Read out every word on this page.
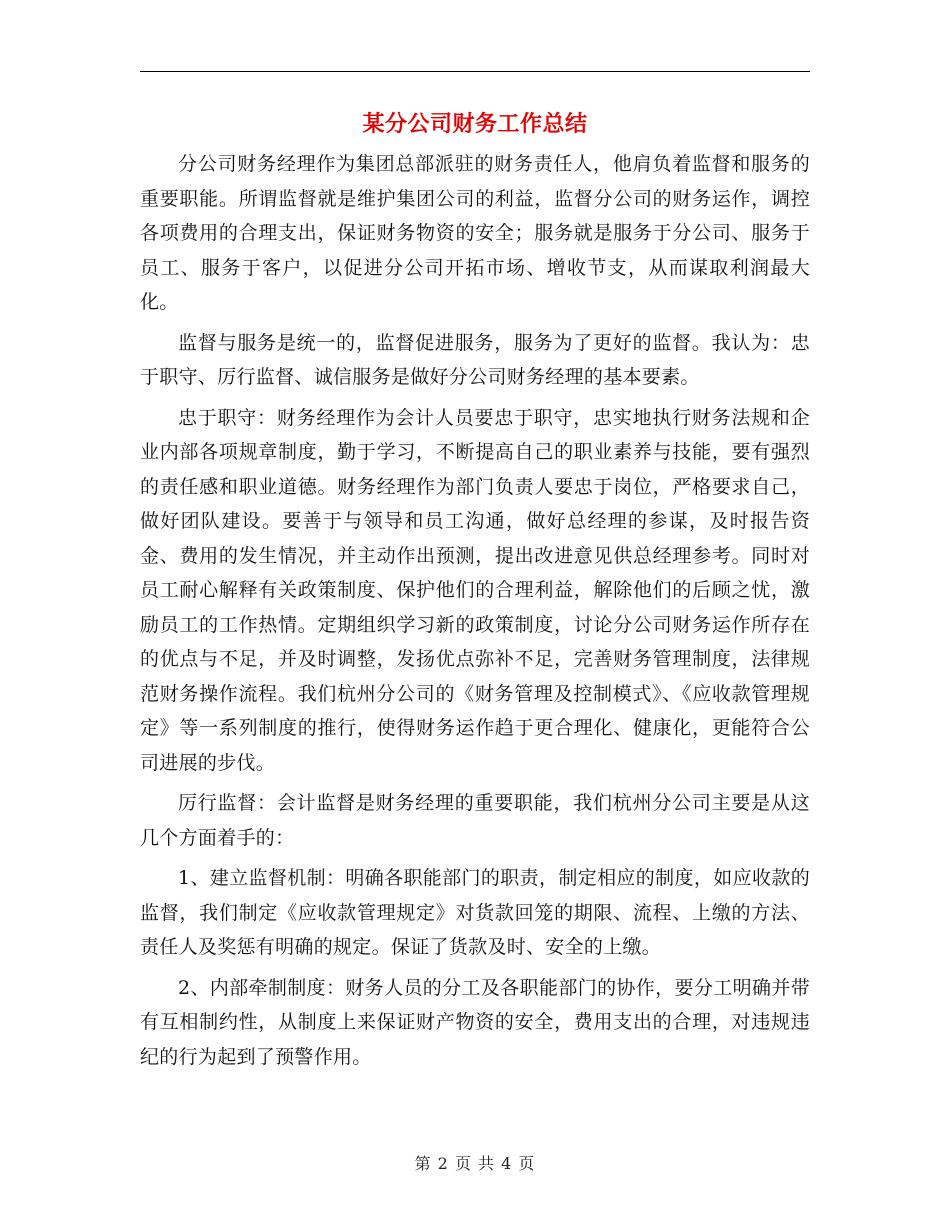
某分公司财务工作总结

分公司财务经理作为集团总部派驻的财务责任人，他肩负着监督和服务的重要职能。所谓监督就是维护集团公司的利益，监督分公司的财务运作，调控各项费用的合理支出，保证财务物资的安全；服务就是服务于分公司、服务于员工、服务于客户，以促进分公司开拓市场、增收节支，从而谋取利润最大化。

监督与服务是统一的，监督促进服务，服务为了更好的监督。我认为：忠于职守、厉行监督、诚信服务是做好分公司财务经理的基本要素。

忠于职守：财务经理作为会计人员要忠于职守，忠实地执行财务法规和企业内部各项规章制度，勤于学习，不断提高自己的职业素养与技能，要有强烈的责任感和职业道德。财务经理作为部门负责人要忠于岗位，严格要求自己，做好团队建设。要善于与领导和员工沟通，做好总经理的参谋，及时报告资金、费用的发生情况，并主动作出预测，提出改进意见供总经理参考。同时对员工耐心解释有关政策制度、保护他们的合理利益，解除他们的后顾之忧，激励员工的工作热情。定期组织学习新的政策制度，讨论分公司财务运作所存在的优点与不足，并及时调整，发扬优点弥补不足，完善财务管理制度，法律规范财务操作流程。我们杭州分公司的《财务管理及控制模式》、《应收款管理规定》等一系列制度的推行，使得财务运作趋于更合理化、健康化，更能符合公司进展的步伐。

厉行监督：会计监督是财务经理的重要职能，我们杭州分公司主要是从这几个方面着手的：

1、建立监督机制：明确各职能部门的职责，制定相应的制度，如应收款的监督，我们制定《应收款管理规定》对货款回笼的期限、流程、上缴的方法、责任人及奖惩有明确的规定。保证了货款及时、安全的上缴。

2、内部牵制制度：财务人员的分工及各职能部门的协作，要分工明确并带有互相制约性，从制度上来保证财产物资的安全，费用支出的合理，对违规违纪的行为起到了预警作用。

第 2 页 共 4 页
